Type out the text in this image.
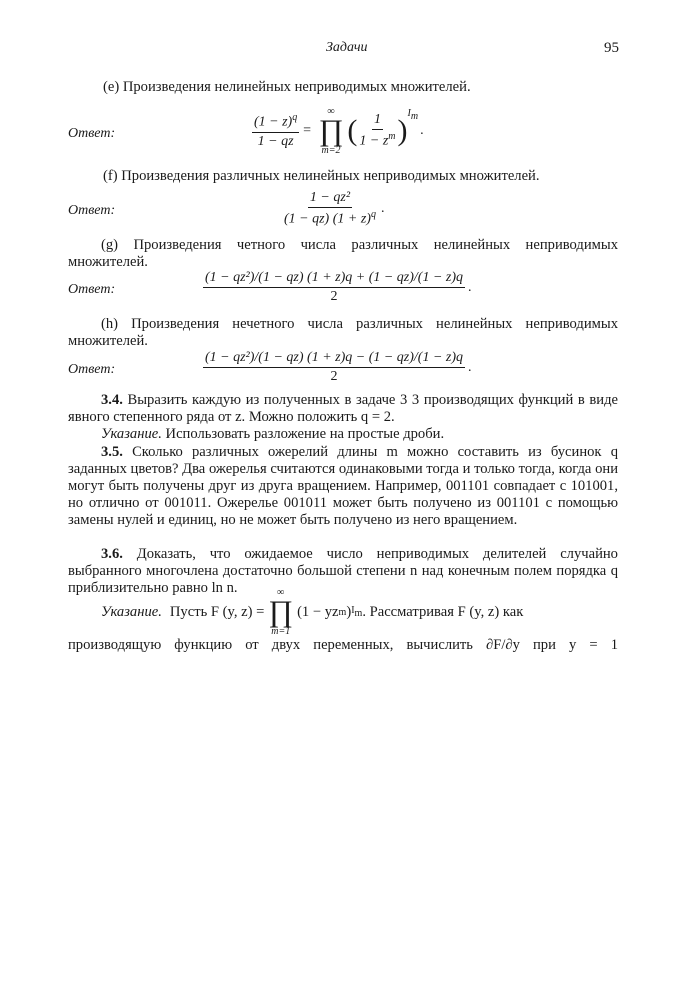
Задачи	95
(e) Произведения нелинейных неприводимых множителей.
Ответ:	$\frac{(1 - z)^q}{1 - qz}$ =
∞
∏
m=2
( $\frac{1}{1 - z^m}$ )
$^{I_m}$
.
(f) Произведения различных нелинейных неприводимых множителей.
Ответ:	$\frac{\text{1 − qz²}}{(1 - qz) (1 + z)^q}$ .
(g) Произведения четного числа различных нелинейных неприводимых множителей.
Ответ:	$\frac{\text{(1 − qz²)/(1 − qz) (1 + z)q + (1 − qz)/(1 − z)q}}{2}$ .
(h) Произведения нечетного числа различных нелинейных неприводимых множителей.
Ответ:	$\frac{\text{(1 − qz²)/(1 − qz) (1 + z)q − (1 − qz)/(1 − z)q}}{2}$ .
3.4. Выразить каждую из полученных в задаче 3 3 производящих функций в виде явного степенного ряда от z. Можно положить q = 2.
Указание. Использовать разложение на простые дроби.
3.5. Сколько различных ожерелий длины m можно составить из бусинок q заданных цветов? Два ожерелья считаются одинаковыми тогда и только тогда, когда они могут быть получены друг из друга вращением. Например, 001101 совпадает с 101001, но отлично от 001011. Ожерелье 001011 может быть получено из 001101 с помощью замены нулей и единиц, но не может быть получено из него вращением.
3.6. Доказать, что ожидаемое число неприводимых делителей случайно выбранного многочлена достаточно большой степени n над конечным полем порядка q приблизительно равно ln n.
Указание. Пусть F (y, z) =
∞
∏
m=1
(1 − yz m ) $I_m$ . Рассматривая F (y, z) как
производящую функцию от двух переменных, вычислить ∂F/∂y при y = 1
